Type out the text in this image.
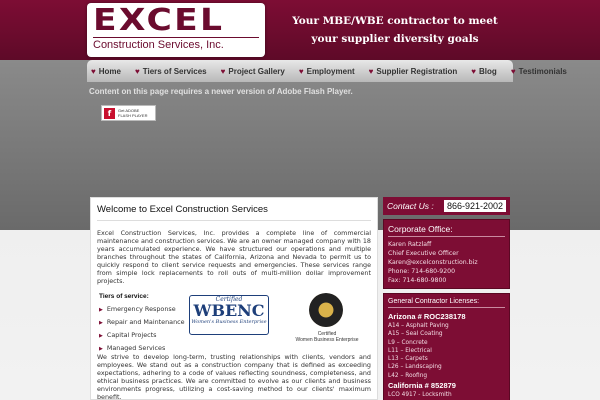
EXCEL
Construction Services, Inc.
Your MBE/WBE contractor to meet
your supplier diversity goals
♥ Home ♥ Tiers of Services ♥ Project Gallery ♥ Employment ♥ Supplier Registration ♥ Blog ♥ Testimonials
Content on this page requires a newer version of Adobe Flash Player.
f	Get ADOBE
FLASH PLAYER
Welcome to Excel Construction Services

Excel Construction Services, Inc. provides a complete line of commercial maintenance and construction services. We are an owner managed company with 18 years accumulated experience. We have structured our operations and multiple branches throughout the states of California, Arizona and Nevada to permit us to quickly respond to client service requests and emergencies. These services range from simple lock replacements to roll outs of multi-million dollar improvement projects.

Tiers of service:
▶ Emergency Response
▶ Repair and Maintenance
▶ Capital Projects
▶ Managed Services
Certified
WBENC
Women's Business Enterprise
Certified
Women Business Enterprise

We strive to develop long-term, trusting relationships with clients, vendors and employees. We stand out as a construction company that is defined as exceeding expectations, adhering to a code of values reflecting soundness, completeness, and ethical business practices. We are committed to evolve as our clients and business environments progress, utilizing a cost-saving method to our clients' maximum benefit.

Contact Us :	866-921-2002
Corporate Office:
Karen Ratzlaff
Chief Executive Officer
Karen@excelconstruction.biz
Phone: 714-680-9200
Fax: 714-680-9800
General Contractor Licenses:
Arizona # ROC238178
A14 – Asphalt Paving
A15 – Seal Coating
L9 – Concrete
L11 – Electrical
L13 – Carpets
L26 – Landscaping
L42 – Roofing
California # 852879
LCO 4917 - Locksmith
